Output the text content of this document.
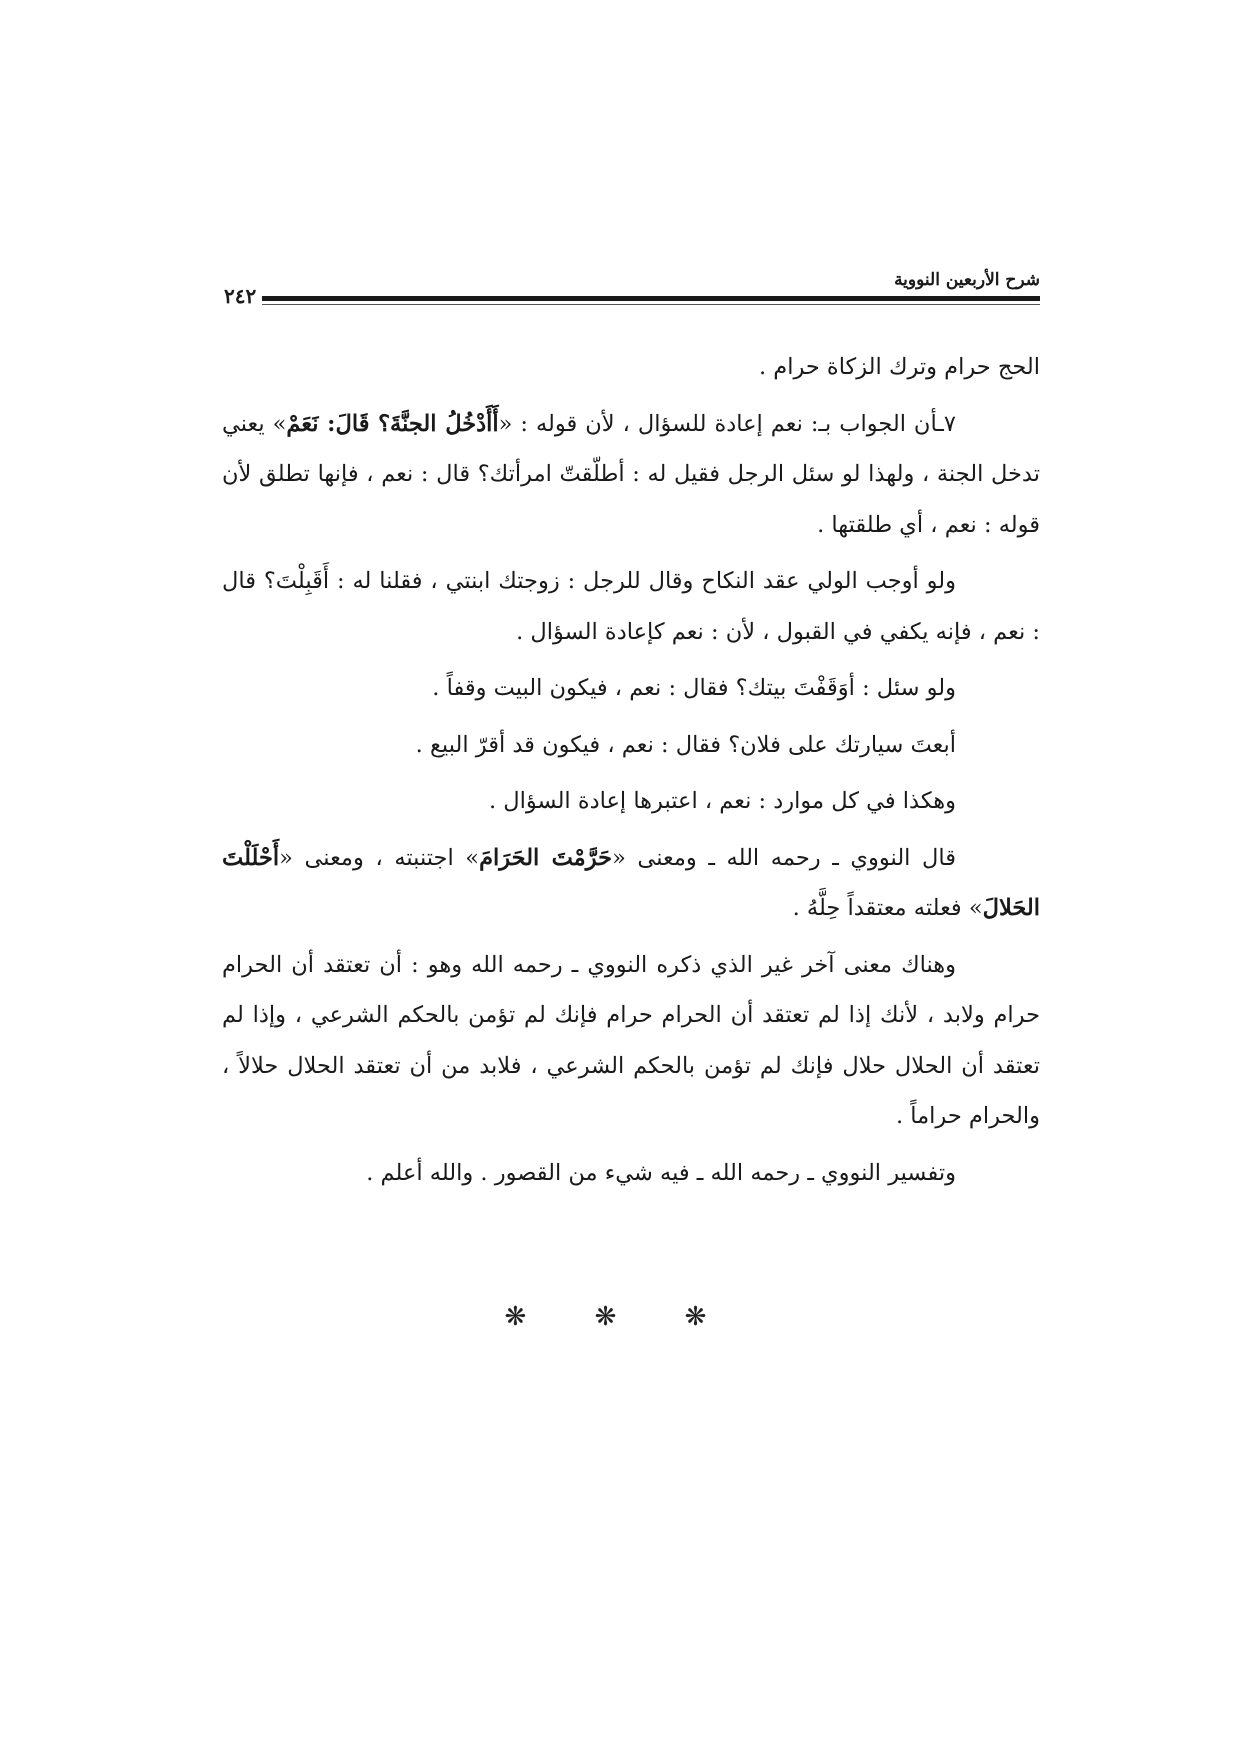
شرح الأربعين النووية
٢٤٢

الحج حرام وترك الزكاة حرام .

٧ـأن الجواب بـ: نعم إعادة للسؤال ، لأن قوله : «أَأَدْخُلُ الجنَّةَ؟ قَالَ: نَعَمْ» يعني تدخل الجنة ، ولهذا لو سئل الرجل فقيل له : أطلّقتّ امرأتك؟ قال : نعم ، فإنها تطلق لأن قوله : نعم ، أي طلقتها .

ولو أوجب الولي عقد النكاح وقال للرجل : زوجتك ابنتي ، فقلنا له : أَقَبِلْتَ؟ قال : نعم ، فإنه يكفي في القبول ، لأن : نعم كإعادة السؤال .

ولو سئل : أوَقَفْتَ بيتك؟ فقال : نعم ، فيكون البيت وقفاً .

أبعتَ سيارتك على فلان؟ فقال : نعم ، فيكون قد أقرّ البيع .

وهكذا في كل موارد : نعم ، اعتبرها إعادة السؤال .

قال النووي ـ رحمه الله ـ ومعنى «حَرَّمْتَ الحَرَامَ» اجتنبته ، ومعنى «أَحْلَلْتَ الحَلالَ» فعلته معتقداً حِلَّهُ .

وهناك معنى آخر غير الذي ذكره النووي ـ رحمه الله وهو : أن تعتقد أن الحرام حرام ولابد ، لأنك إذا لم تعتقد أن الحرام حرام فإنك لم تؤمن بالحكم الشرعي ، وإذا لم تعتقد أن الحلال حلال فإنك لم تؤمن بالحكم الشرعي ، فلابد من أن تعتقد الحلال حلالاً ، والحرام حراماً .

وتفسير النووي ـ رحمه الله ـ فيه شيء من القصور . والله أعلم .

❋ ❋ ❋
